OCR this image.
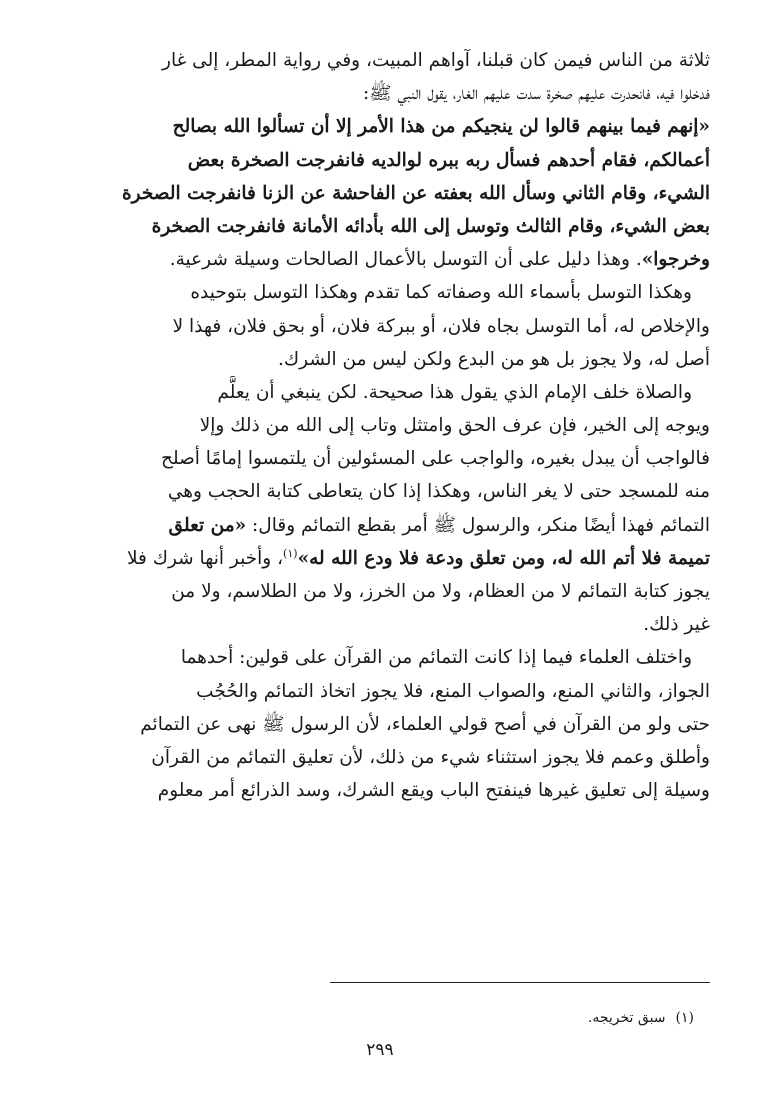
ثلاثة من الناس فيمن كان قبلنا، آواهم المبيت، وفي رواية المطر، إلى غار
فدخلوا فيه، فانحدرت عليهم صخرة سدت عليهم الغار، يقول النبي ﷺ:
«إنهم فيما بينهم قالوا لن ينجيكم من هذا الأمر إلا أن تسألوا الله بصالح
أعمالكم، فقام أحدهم فسأل ربه ببره لوالديه فانفرجت الصخرة بعض
الشيء، وقام الثاني وسأل الله بعفته عن الفاحشة عن الزنا فانفرجت الصخرة
بعض الشيء، وقام الثالث وتوسل إلى الله بأدائه الأمانة فانفرجت الصخرة
وخرجوا». وهذا دليل على أن التوسل بالأعمال الصالحات وسيلة شرعية.
وهكذا التوسل بأسماء الله وصفاته كما تقدم وهكذا التوسل بتوحيده
والإخلاص له، أما التوسل بجاه فلان، أو ببركة فلان، أو بحق فلان، فهذا لا
أصل له، ولا يجوز بل هو من البدع ولكن ليس من الشرك.
والصلاة خلف الإمام الذي يقول هذا صحيحة. لكن ينبغي أن يعلَّم
ويوجه إلى الخير، فإن عرف الحق وامتثل وتاب إلى الله من ذلك وإلا
فالواجب أن يبدل بغيره، والواجب على المسئولين أن يلتمسوا إمامًا أصلح
منه للمسجد حتى لا يغر الناس، وهكذا إذا كان يتعاطى كتابة الحجب وهي
التمائم فهذا أيضًا منكر، والرسول ﷺ أمر بقطع التمائم وقال: «من تعلق
تميمة فلا أتم الله له، ومن تعلق ودعة فلا ودع الله له»$^{(١)}$، وأخبر أنها شرك فلا
يجوز كتابة التمائم لا من العظام، ولا من الخرز، ولا من الطلاسم، ولا من
غير ذلك.
واختلف العلماء فيما إذا كانت التمائم من القرآن على قولين: أحدهما
الجواز، والثاني المنع، والصواب المنع، فلا يجوز اتخاذ التمائم والحُجُب
حتى ولو من القرآن في أصح قولي العلماء، لأن الرسول ﷺ نهى عن التمائم
وأطلق وعمم فلا يجوز استثناء شيء من ذلك، لأن تعليق التمائم من القرآن
وسيلة إلى تعليق غيرها فينفتح الباب ويقع الشرك، وسد الذرائع أمر معلوم
(١)سبق تخريجه.
٢٩٩
